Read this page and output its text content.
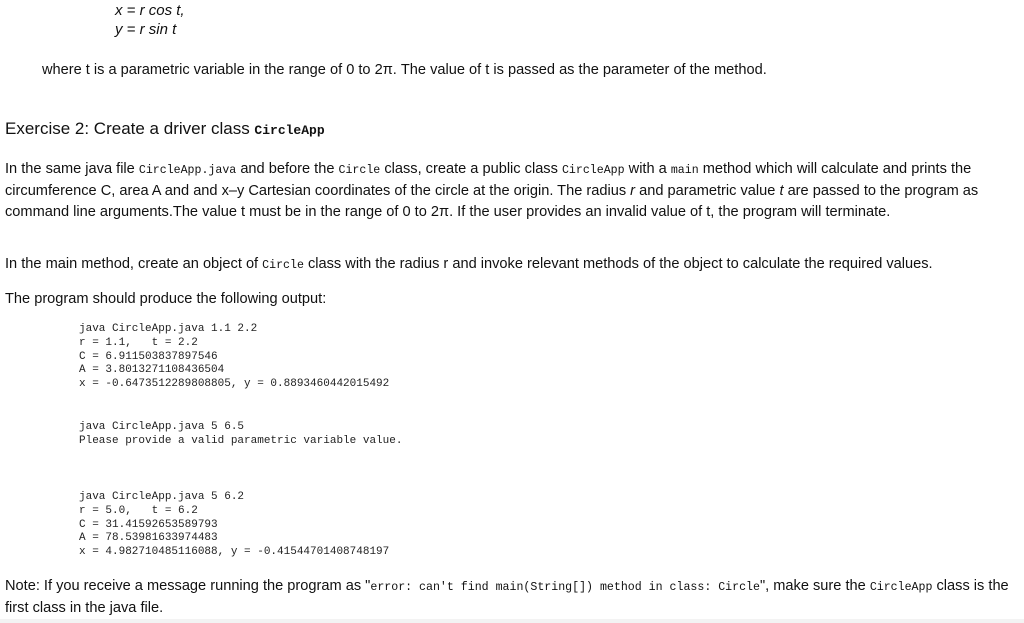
x = r cos t,
y = r sin t
where t is a parametric variable in the range of 0 to 2π. The value of t is passed as the parameter of the method.
Exercise 2: Create a driver class CircleApp
In the same java file CircleApp.java and before the Circle class, create a public class CircleApp with a main method which will calculate and prints the circumference C, area A and and x–y Cartesian coordinates of the circle at the origin. The radius r and parametric value t are passed to the program as command line arguments.The value t must be in the range of 0 to 2π. If the user provides an invalid value of t, the program will terminate.
In the main method, create an object of Circle class with the radius r and invoke relevant methods of the object to calculate the required values.
The program should produce the following output:
java CircleApp.java 1.1 2.2
r = 1.1,   t = 2.2
C = 6.911503837897546
A = 3.8013271108436504
x = -0.6473512289808805, y = 0.8893460442015492
java CircleApp.java 5 6.5
Please provide a valid parametric variable value.
java CircleApp.java 5 6.2
r = 5.0,   t = 6.2
C = 31.41592653589793
A = 78.53981633974483
x = 4.982710485116088, y = -0.41544701408748197
Note: If you receive a message running the program as "error: can't find main(String[]) method in class: Circle", make sure the CircleApp class is the first class in the java file.
